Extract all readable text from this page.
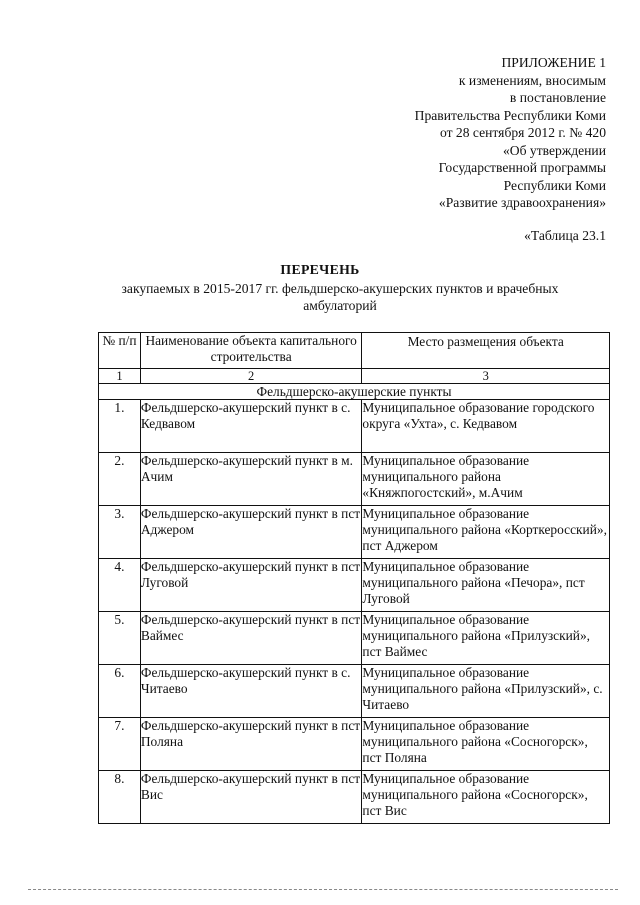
ПРИЛОЖЕНИЕ 1
к изменениям, вносимым
в постановление
Правительства Республики Коми
от 28 сентября 2012 г. № 420
«Об утверждении
Государственной программы
Республики Коми
«Развитие здравоохранения»
«Таблица 23.1
ПЕРЕЧЕНЬ
закупаемых в 2015-2017 гг. фельдшерско-акушерских пунктов и врачебных амбулаторий
№ п/п	Наименование объекта капитального строительства	Место размещения объекта
1	2	3
Фельдшерско-акушерские пункты		
1.	Фельдшерско-акушерский пункт в с. Кедвавом	Муниципальное образование городского округа «Ухта», с. Кедвавом
2.	Фельдшерско-акушерский пункт в м. Ачим	Муниципальное образование муниципального района «Княжпогостский», м.Ачим
3.	Фельдшерско-акушерский пункт в пст Аджером	Муниципальное образование муниципального района «Корткеросский», пст Аджером
4.	Фельдшерско-акушерский пункт в пст Луговой	Муниципальное образование муниципального района «Печора», пст Луговой
5.	Фельдшерско-акушерский пункт в пст Ваймес	Муниципальное образование муниципального района «Прилузский», пст Ваймес
6.	Фельдшерско-акушерский пункт в с. Читаево	Муниципальное образование муниципального района «Прилузский», с. Читаево
7.	Фельдшерско-акушерский пункт в пст Поляна	Муниципальное образование муниципального района «Сосногорск», пст Поляна
8.	Фельдшерско-акушерский пункт в пст Вис	Муниципальное образование муниципального района «Сосногорск», пст Вис
